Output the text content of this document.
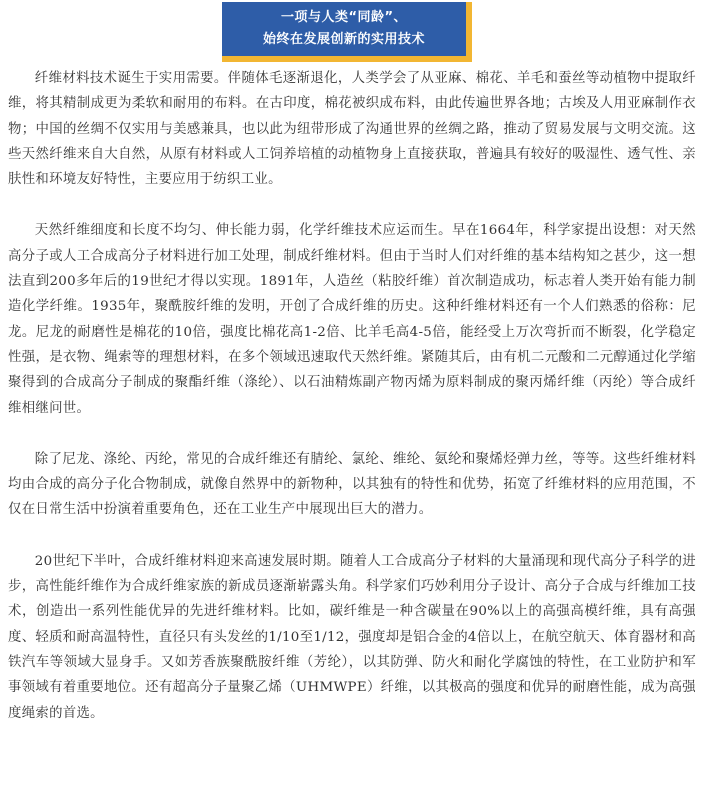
一项与人类“同龄”、
始终在发展创新的实用技术

纤维材料技术诞生于实用需要。伴随体毛逐渐退化，人类学会了从亚麻、棉花、羊毛和蚕丝等动植物中提取纤维，将其精制成更为柔软和耐用的布料。在古印度，棉花被织成布料，由此传遍世界各地；古埃及人用亚麻制作衣物；中国的丝绸不仅实用与美感兼具，也以此为纽带形成了沟通世界的丝绸之路，推动了贸易发展与文明交流。这些天然纤维来自大自然，从原有材料或人工饲养培植的动植物身上直接获取，普遍具有较好的吸湿性、透气性、亲肤性和环境友好特性，主要应用于纺织工业。

天然纤维细度和长度不均匀、伸长能力弱，化学纤维技术应运而生。早在1664年，科学家提出设想：对天然高分子或人工合成高分子材料进行加工处理，制成纤维材料。但由于当时人们对纤维的基本结构知之甚少，这一想法直到200多年后的19世纪才得以实现。1891年，人造丝（粘胶纤维）首次制造成功，标志着人类开始有能力制造化学纤维。1935年，聚酰胺纤维的发明，开创了合成纤维的历史。这种纤维材料还有一个人们熟悉的俗称：尼龙。尼龙的耐磨性是棉花的10倍，强度比棉花高1-2倍、比羊毛高4-5倍，能经受上万次弯折而不断裂，化学稳定性强，是衣物、绳索等的理想材料，在多个领域迅速取代天然纤维。紧随其后，由有机二元酸和二元醇通过化学缩聚得到的合成高分子制成的聚酯纤维（涤纶）、以石油精炼副产物丙烯为原料制成的聚丙烯纤维（丙纶）等合成纤维相继问世。

除了尼龙、涤纶、丙纶，常见的合成纤维还有腈纶、氯纶、维纶、氨纶和聚烯烃弹力丝，等等。这些纤维材料均由合成的高分子化合物制成，就像自然界中的新物种，以其独有的特性和优势，拓宽了纤维材料的应用范围，不仅在日常生活中扮演着重要角色，还在工业生产中展现出巨大的潜力。

20世纪下半叶，合成纤维材料迎来高速发展时期。随着人工合成高分子材料的大量涌现和现代高分子科学的进步，高性能纤维作为合成纤维家族的新成员逐渐崭露头角。科学家们巧妙利用分子设计、高分子合成与纤维加工技术，创造出一系列性能优异的先进纤维材料。比如，碳纤维是一种含碳量在90%以上的高强高模纤维，具有高强度、轻质和耐高温特性，直径只有头发丝的1/10至1/12，强度却是铝合金的4倍以上，在航空航天、体育器材和高铁汽车等领域大显身手。又如芳香族聚酰胺纤维（芳纶），以其防弹、防火和耐化学腐蚀的特性，在工业防护和军事领域有着重要地位。还有超高分子量聚乙烯（UHMWPE）纤维，以其极高的强度和优异的耐磨性能，成为高强度绳索的首选。
